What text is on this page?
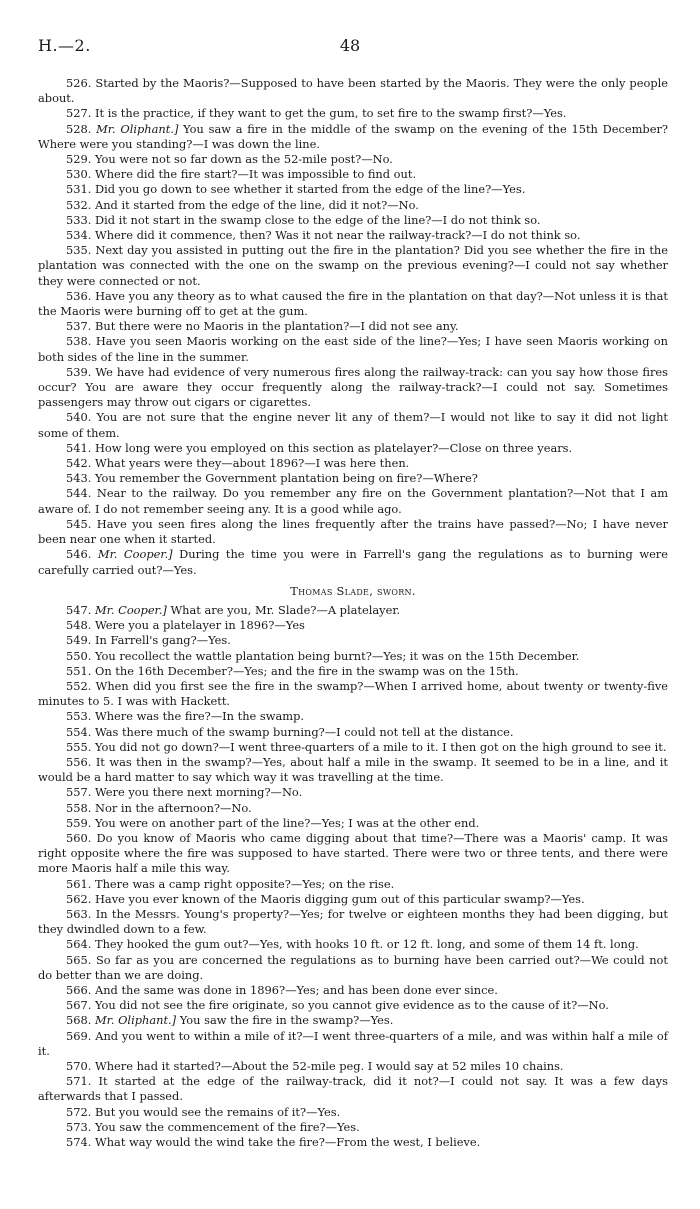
H.—2.	48

526. Started by the Maoris?—Supposed to have been started by the Maoris. They were the only people about.

527. It is the practice, if they want to get the gum, to set fire to the swamp first?—Yes.

528. Mr. Oliphant.] You saw a fire in the middle of the swamp on the evening of the 15th December? Where were you standing?—I was down the line.

529. You were not so far down as the 52-mile post?—No.

530. Where did the fire start?—It was impossible to find out.

531. Did you go down to see whether it started from the edge of the line?—Yes.

532. And it started from the edge of the line, did it not?—No.

533. Did it not start in the swamp close to the edge of the line?—I do not think so.

534. Where did it commence, then? Was it not near the railway-track?—I do not think so.

535. Next day you assisted in putting out the fire in the plantation? Did you see whether the fire in the plantation was connected with the one on the swamp on the previous evening?—I could not say whether they were connected or not.

536. Have you any theory as to what caused the fire in the plantation on that day?—Not unless it is that the Maoris were burning off to get at the gum.

537. But there were no Maoris in the plantation?—I did not see any.

538. Have you seen Maoris working on the east side of the line?—Yes; I have seen Maoris working on both sides of the line in the summer.

539. We have had evidence of very numerous fires along the railway-track: can you say how those fires occur? You are aware they occur frequently along the railway-track?—I could not say. Sometimes passengers may throw out cigars or cigarettes.

540. You are not sure that the engine never lit any of them?—I would not like to say it did not light some of them.

541. How long were you employed on this section as platelayer?—Close on three years.

542. What years were they—about 1896?—I was here then.

543. You remember the Government plantation being on fire?—Where?

544. Near to the railway. Do you remember any fire on the Government plantation?—Not that I am aware of. I do not remember seeing any. It is a good while ago.

545. Have you seen fires along the lines frequently after the trains have passed?—No; I have never been near one when it started.

546. Mr. Cooper.] During the time you were in Farrell's gang the regulations as to burning were carefully carried out?—Yes.

Thomas Slade, sworn.

547. Mr. Cooper.] What are you, Mr. Slade?—A platelayer.

548. Were you a platelayer in 1896?—Yes

549. In Farrell's gang?—Yes.

550. You recollect the wattle plantation being burnt?—Yes; it was on the 15th December.

551. On the 16th December?—Yes; and the fire in the swamp was on the 15th.

552. When did you first see the fire in the swamp?—When I arrived home, about twenty or twenty-five minutes to 5. I was with Hackett.

553. Where was the fire?—In the swamp.

554. Was there much of the swamp burning?—I could not tell at the distance.

555. You did not go down?—I went three-quarters of a mile to it. I then got on the high ground to see it.

556. It was then in the swamp?—Yes, about half a mile in the swamp. It seemed to be in a line, and it would be a hard matter to say which way it was travelling at the time.

557. Were you there next morning?—No.

558. Nor in the afternoon?—No.

559. You were on another part of the line?—Yes; I was at the other end.

560. Do you know of Maoris who came digging about that time?—There was a Maoris' camp. It was right opposite where the fire was supposed to have started. There were two or three tents, and there were more Maoris half a mile this way.

561. There was a camp right opposite?—Yes; on the rise.

562. Have you ever known of the Maoris digging gum out of this particular swamp?—Yes.

563. In the Messrs. Young's property?—Yes; for twelve or eighteen months they had been digging, but they dwindled down to a few.

564. They hooked the gum out?—Yes, with hooks 10 ft. or 12 ft. long, and some of them 14 ft. long.

565. So far as you are concerned the regulations as to burning have been carried out?—We could not do better than we are doing.

566. And the same was done in 1896?—Yes; and has been done ever since.

567. You did not see the fire originate, so you cannot give evidence as to the cause of it?—No.

568. Mr. Oliphant.] You saw the fire in the swamp?—Yes.

569. And you went to within a mile of it?—I went three-quarters of a mile, and was within half a mile of it.

570. Where had it started?—About the 52-mile peg. I would say at 52 miles 10 chains.

571. It started at the edge of the railway-track, did it not?—I could not say. It was a few days afterwards that I passed.

572. But you would see the remains of it?—Yes.

573. You saw the commencement of the fire?—Yes.

574. What way would the wind take the fire?—From the west, I believe.
